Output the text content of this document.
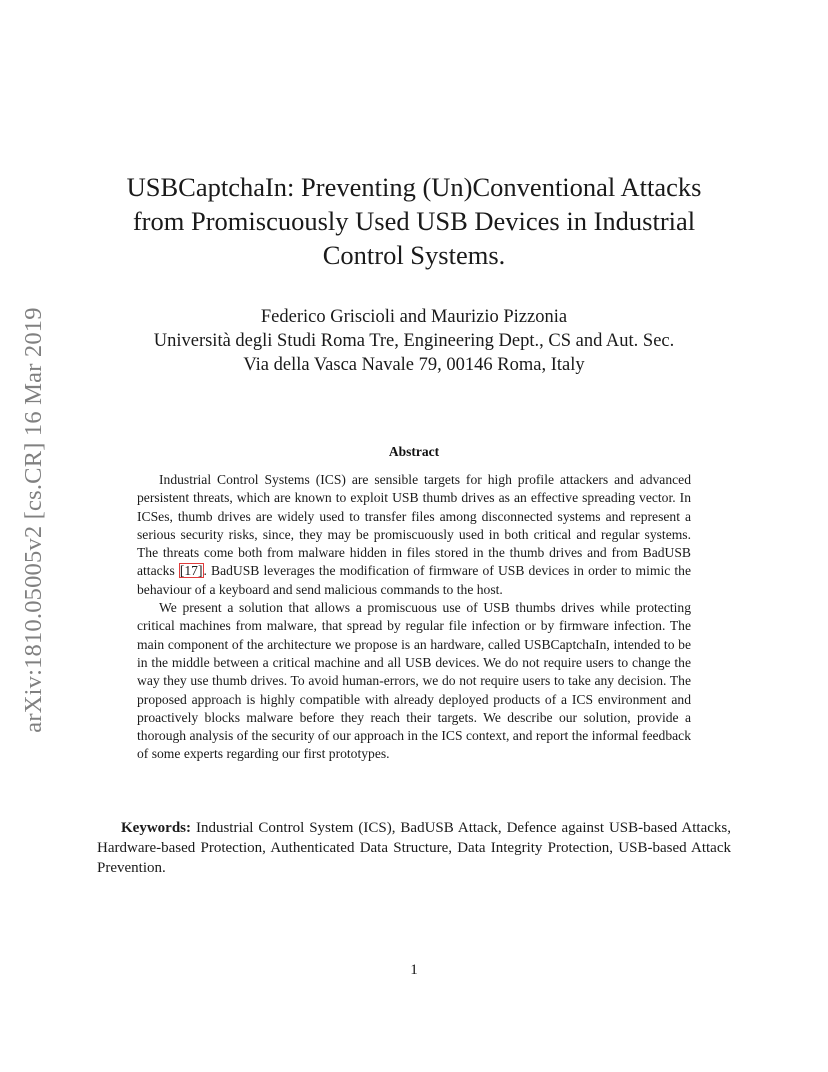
arXiv:1810.05005v2 [cs.CR] 16 Mar 2019
USBCaptchaIn: Preventing (Un)Conventional Attacks
from Promiscuously Used USB Devices in Industrial
Control Systems.
Federico Griscioli and Maurizio Pizzonia
Università degli Studi Roma Tre, Engineering Dept., CS and Aut. Sec.
Via della Vasca Navale 79, 00146 Roma, Italy
Abstract

Industrial Control Systems (ICS) are sensible targets for high profile attackers and advanced persistent threats, which are known to exploit USB thumb drives as an effective spreading vector. In ICSes, thumb drives are widely used to transfer files among disconnected systems and represent a serious security risks, since, they may be promiscuously used in both critical and regular systems. The threats come both from malware hidden in files stored in the thumb drives and from BadUSB attacks [17]. BadUSB leverages the modification of firmware of USB devices in order to mimic the behaviour of a keyboard and send malicious commands to the host.

We present a solution that allows a promiscuous use of USB thumbs drives while protecting critical machines from malware, that spread by regular file infection or by firmware infection. The main component of the architecture we propose is an hardware, called USBCaptchaIn, intended to be in the middle between a critical machine and all USB devices. We do not require users to change the way they use thumb drives. To avoid human-errors, we do not require users to take any decision. The proposed approach is highly compatible with already deployed products of a ICS environment and proactively blocks malware before they reach their targets. We describe our solution, provide a thorough analysis of the security of our approach in the ICS context, and report the informal feedback of some experts regarding our first prototypes.

Keywords: Industrial Control System (ICS), BadUSB Attack, Defence against USB-based Attacks, Hardware-based Protection, Authenticated Data Structure, Data Integrity Protection, USB-based Attack Prevention.
1
